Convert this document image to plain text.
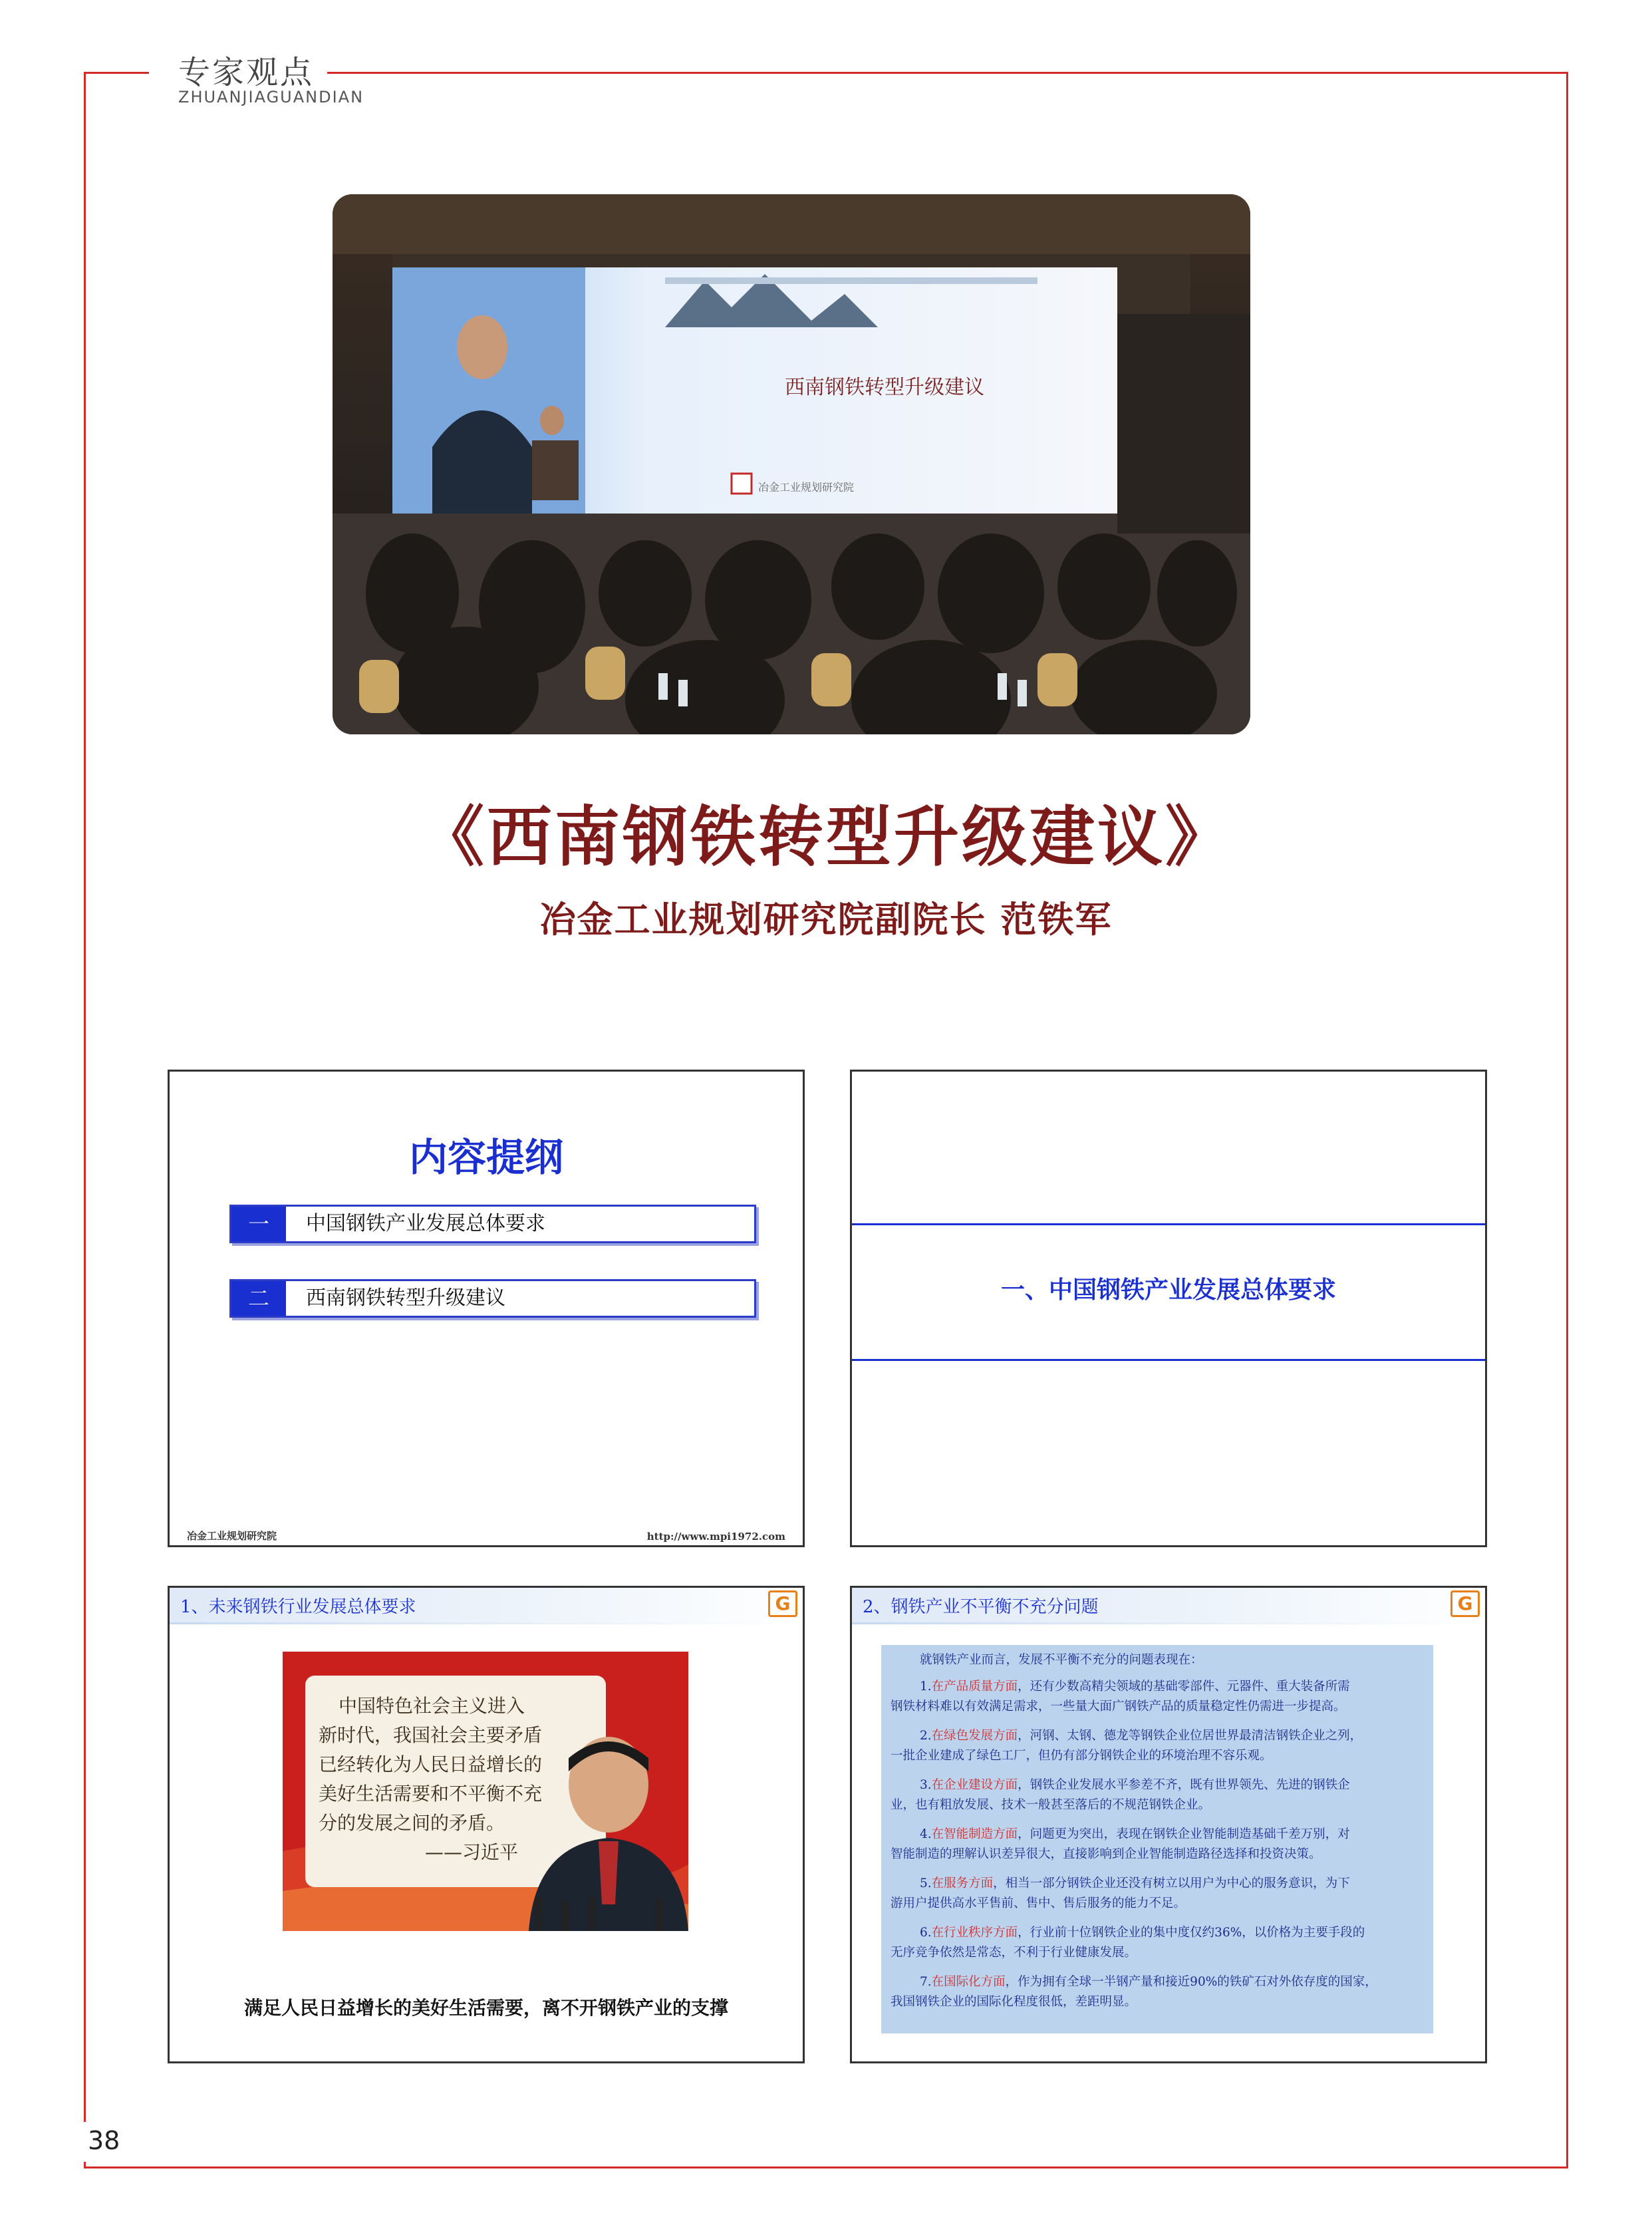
专家观点
ZHUANJIAGUANDIAN
38
西南钢铁转型升级建议
冶金工业规划研究院
《西南钢铁转型升级建议》
冶金工业规划研究院副院长 范铁军
内容提纲
一	中国钢铁产业发展总体要求
二	西南钢铁转型升级建议
冶金工业规划研究院	http://www.mpi1972.com
一、中国钢铁产业发展总体要求
1、未来钢铁行业发展总体要求	G
中国特色社会主义进入
新时代，我国社会主要矛盾
已经转化为人民日益增长的
美好生活需要和不平衡不充
分的发展之间的矛盾。
——习近平
满足人民日益增长的美好生活需要，离不开钢铁产业的支撑
2、钢铁产业不平衡不充分问题	G
就钢铁产业而言，发展不平衡不充分的问题表现在：
1.在产品质量方面，还有少数高精尖领域的基础零部件、元器件、重大装备所需
钢铁材料难以有效满足需求，一些量大面广钢铁产品的质量稳定性仍需进一步提高。
2.在绿色发展方面，河钢、太钢、德龙等钢铁企业位居世界最清洁钢铁企业之列，
一批企业建成了绿色工厂，但仍有部分钢铁企业的环境治理不容乐观。
3.在企业建设方面，钢铁企业发展水平参差不齐，既有世界领先、先进的钢铁企
业，也有粗放发展、技术一般甚至落后的不规范钢铁企业。
4.在智能制造方面，问题更为突出，表现在钢铁企业智能制造基础千差万别，对
智能制造的理解认识差异很大，直接影响到企业智能制造路径选择和投资决策。
5.在服务方面，相当一部分钢铁企业还没有树立以用户为中心的服务意识，为下
游用户提供高水平售前、售中、售后服务的能力不足。
6.在行业秩序方面，行业前十位钢铁企业的集中度仅约36%，以价格为主要手段的
无序竞争依然是常态，不利于行业健康发展。
7.在国际化方面，作为拥有全球一半钢产量和接近90%的铁矿石对外依存度的国家，
我国钢铁企业的国际化程度很低，差距明显。
